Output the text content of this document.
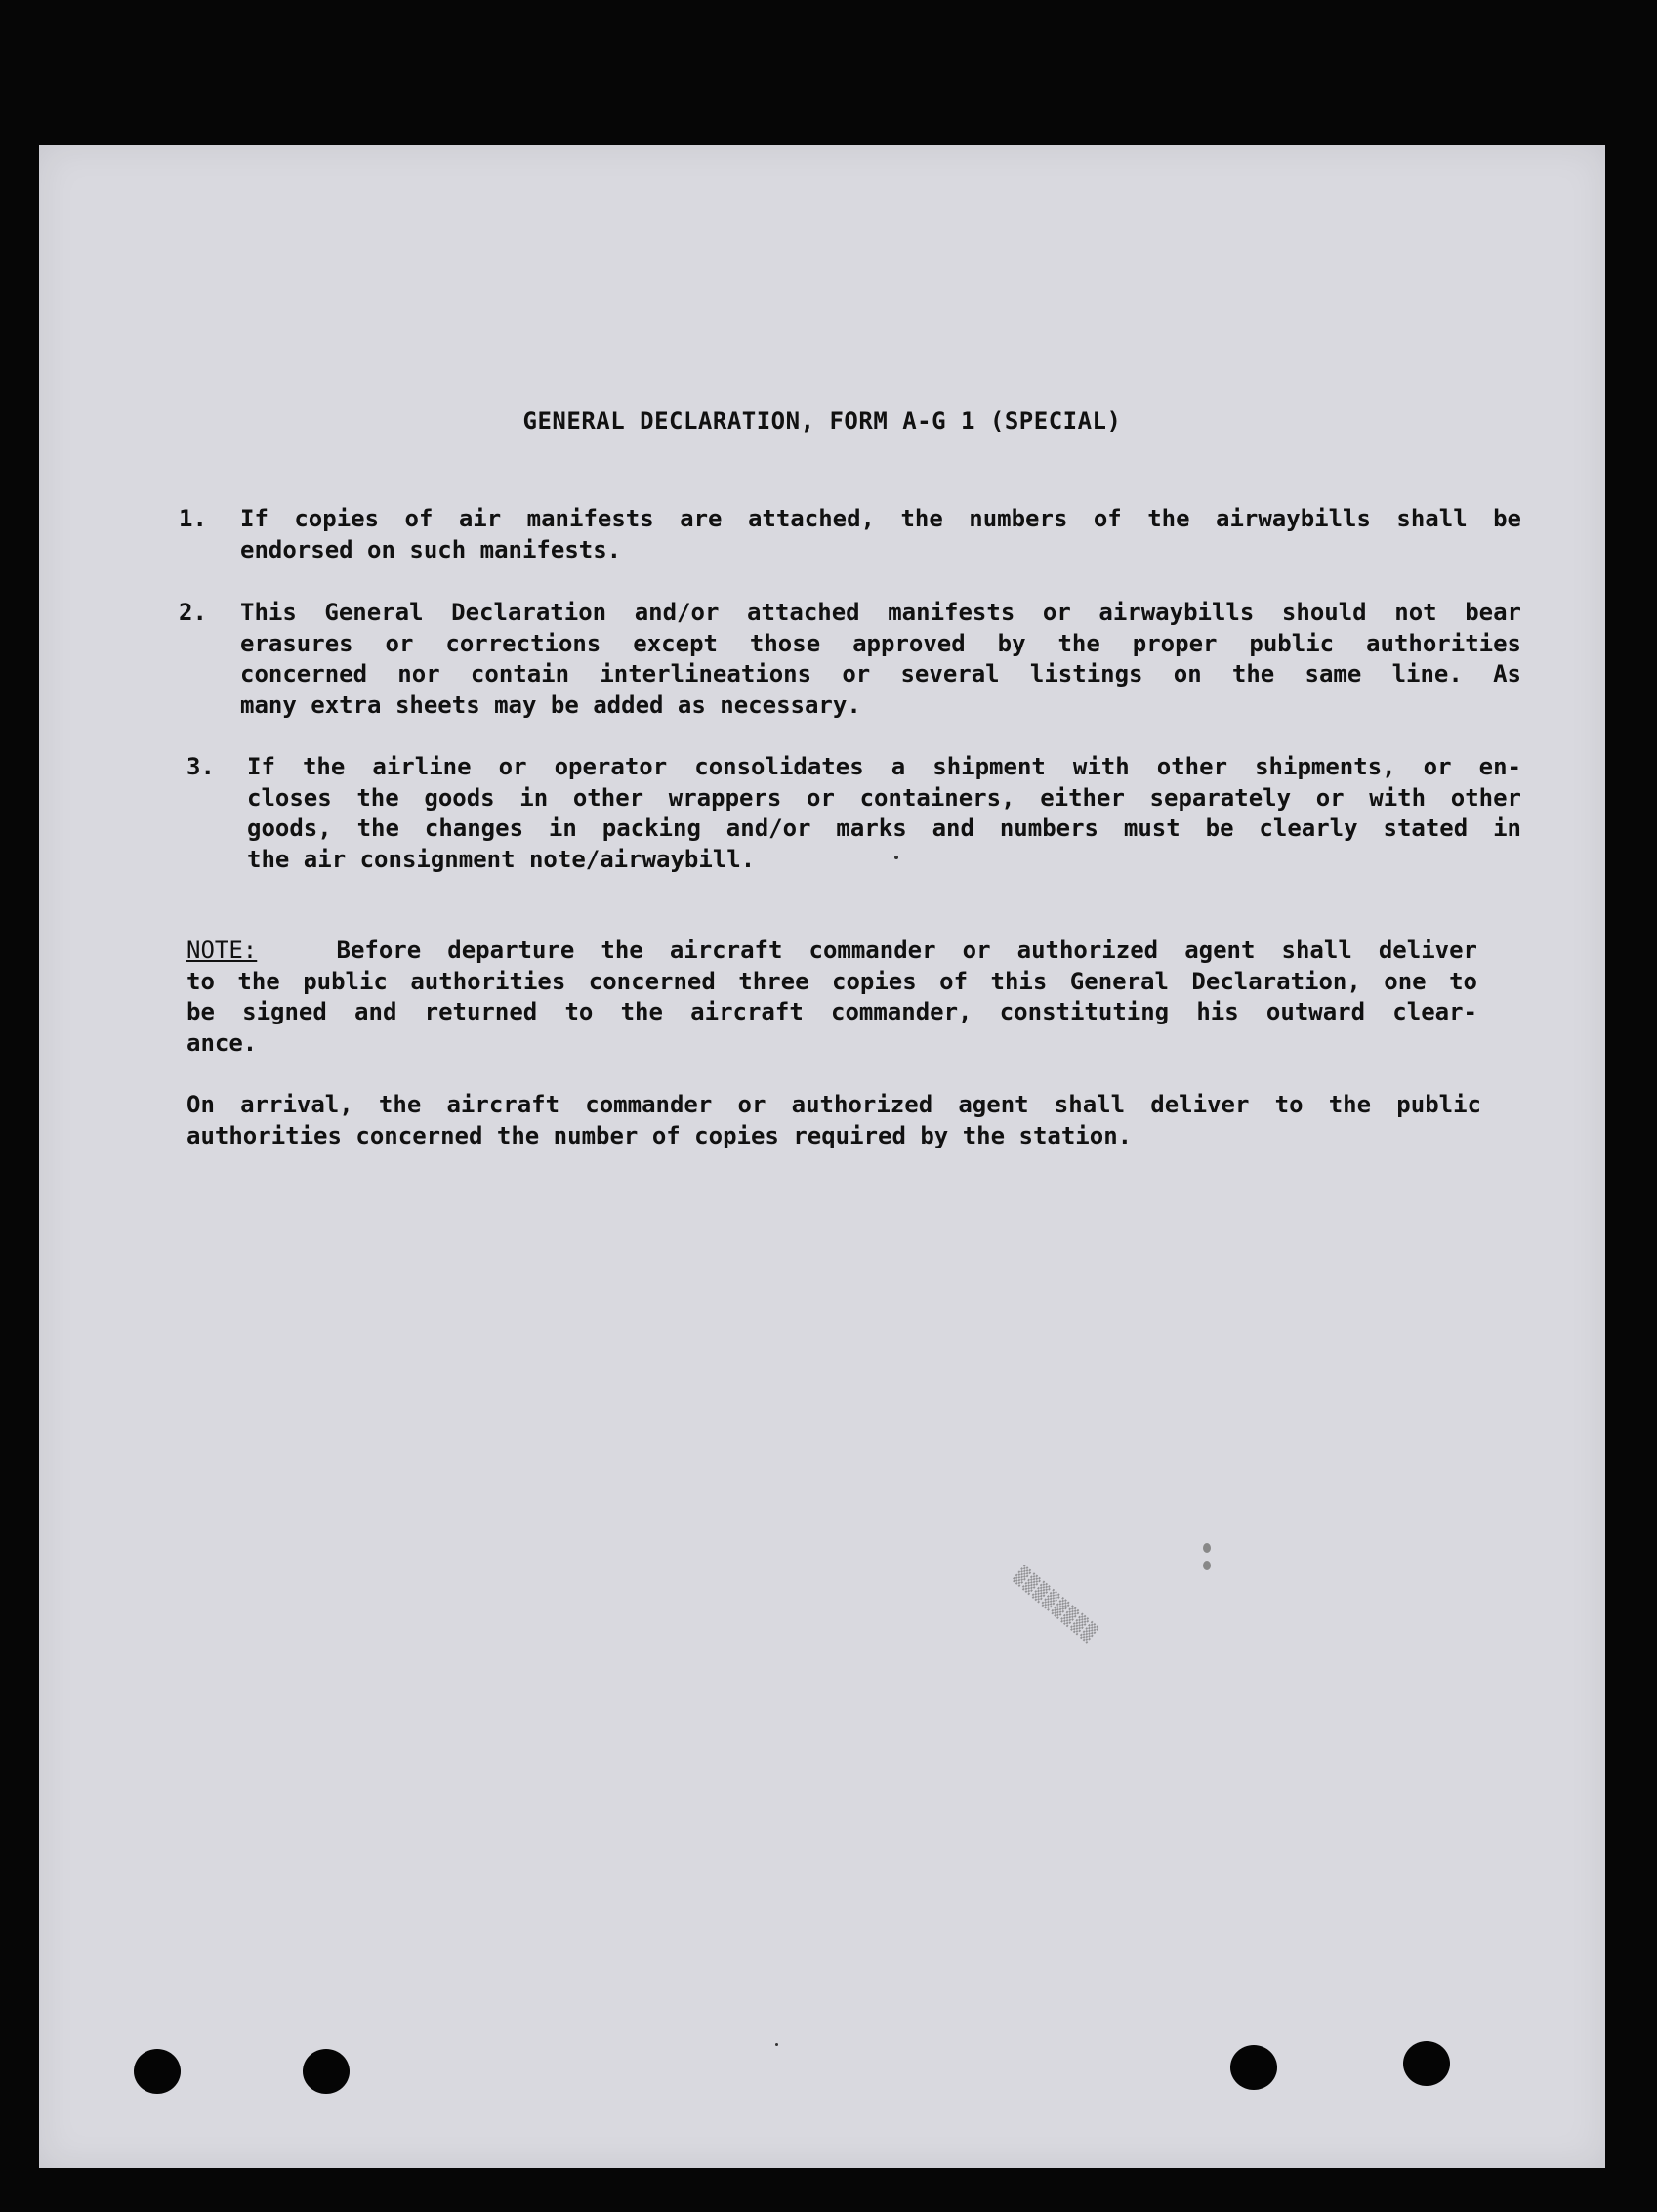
GENERAL DECLARATION, FORM A-G 1 (SPECIAL)
1. If copies of air manifests are attached, the numbers of the airwaybills shall be
endorsed on such manifests.
2. This General Declaration and/or attached manifests or airwaybills should not bear
erasures or corrections except those approved by the proper public authorities
concerned nor contain interlineations or several listings on the same line. As
many extra sheets may be added as necessary.
3. If the airline or operator consolidates a shipment with other shipments, or en-
closes the goods in other wrappers or containers, either separately or with other
goods, the changes in packing and/or marks and numbers must be clearly stated in
the air consignment note/airwaybill.
NOTE:	Before departure the aircraft commander or authorized agent shall deliver
to the public authorities concerned three copies of this General Declaration, one to
be signed and returned to the aircraft commander, constituting his outward clear-
ance.
On arrival, the aircraft commander or authorized agent shall deliver to the public
authorities concerned the number of copies required by the station.
▒▒▒▒▒▒▒▒
